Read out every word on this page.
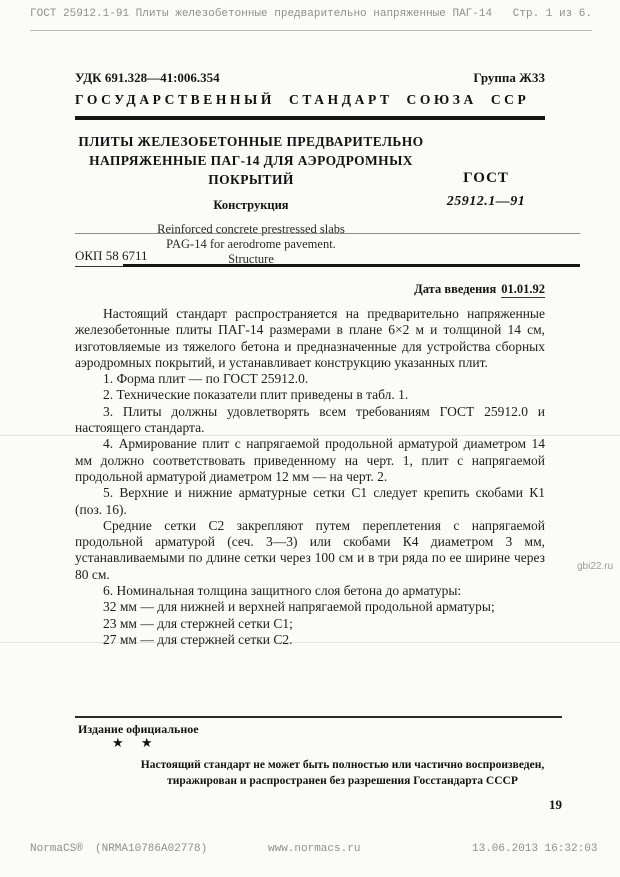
ГОСТ 25912.1-91 Плиты железобетонные предварительно напряженные ПАГ-14 Стр. 1 из 6.
УДК 691.328—41:006.354	Группа Ж33
ГОСУДАРСТВЕННЫЙ СТАНДАРТ СОЮЗА ССР
ПЛИТЫ ЖЕЛЕЗОБЕТОННЫЕ ПРЕДВАРИТЕЛЬНО
НАПРЯЖЕННЫЕ ПАГ-14 ДЛЯ АЭРОДРОМНЫХ
ПОКРЫТИЙ
Конструкция
Reinforced concrete prestressed slabs
PAG-14 for aerodrome pavement.
Structure
ГОСТ
25912.1—91
ОКП 58 6711
Дата введения 01.01.92

Настоящий стандарт распространяется на предварительно напряженные железобетонные плиты ПАГ-14 размерами в плане 6×2 м и толщиной 14 см, изготовляемые из тяжелого бетона и предназначенные для устройства сборных аэродромных покрытий, и устанавливает конструкцию указанных плит.

1. Форма плит — по ГОСТ 25912.0.

2. Технические показатели плит приведены в табл. 1.

3. Плиты должны удовлетворять всем требованиям ГОСТ 25912.0 и настоящего стандарта.

4. Армирование плит с напрягаемой продольной арматурой диаметром 14 мм должно соответствовать приведенному на черт. 1, плит с напрягаемой продольной арматурой диаметром 12 мм — на черт. 2.

5. Верхние и нижние арматурные сетки С1 следует крепить скобами К1 (поз. 16).

Средние сетки С2 закрепляют путем переплетения с напрягаемой продольной арматурой (сеч. 3—3) или скобами К4 диаметром 3 мм, устанавливаемыми по длине сетки через 100 см и в три ряда по ее ширине через 80 см.

6. Номинальная толщина защитного слоя бетона до арматуры:

32 мм — для нижней и верхней напрягаемой продольной арматуры;

23 мм — для стержней сетки С1;

27 мм — для стержней сетки С2.

gbi22.ru
Издание официальное
★ ★
Настоящий стандарт не может быть полностью или частично воспроизведен, тиражирован и распространен без разрешения Госстандарта СССР
19
NormaCS® (NRMA10786A02778)	www.normacs.ru	13.06.2013 16:32:03
